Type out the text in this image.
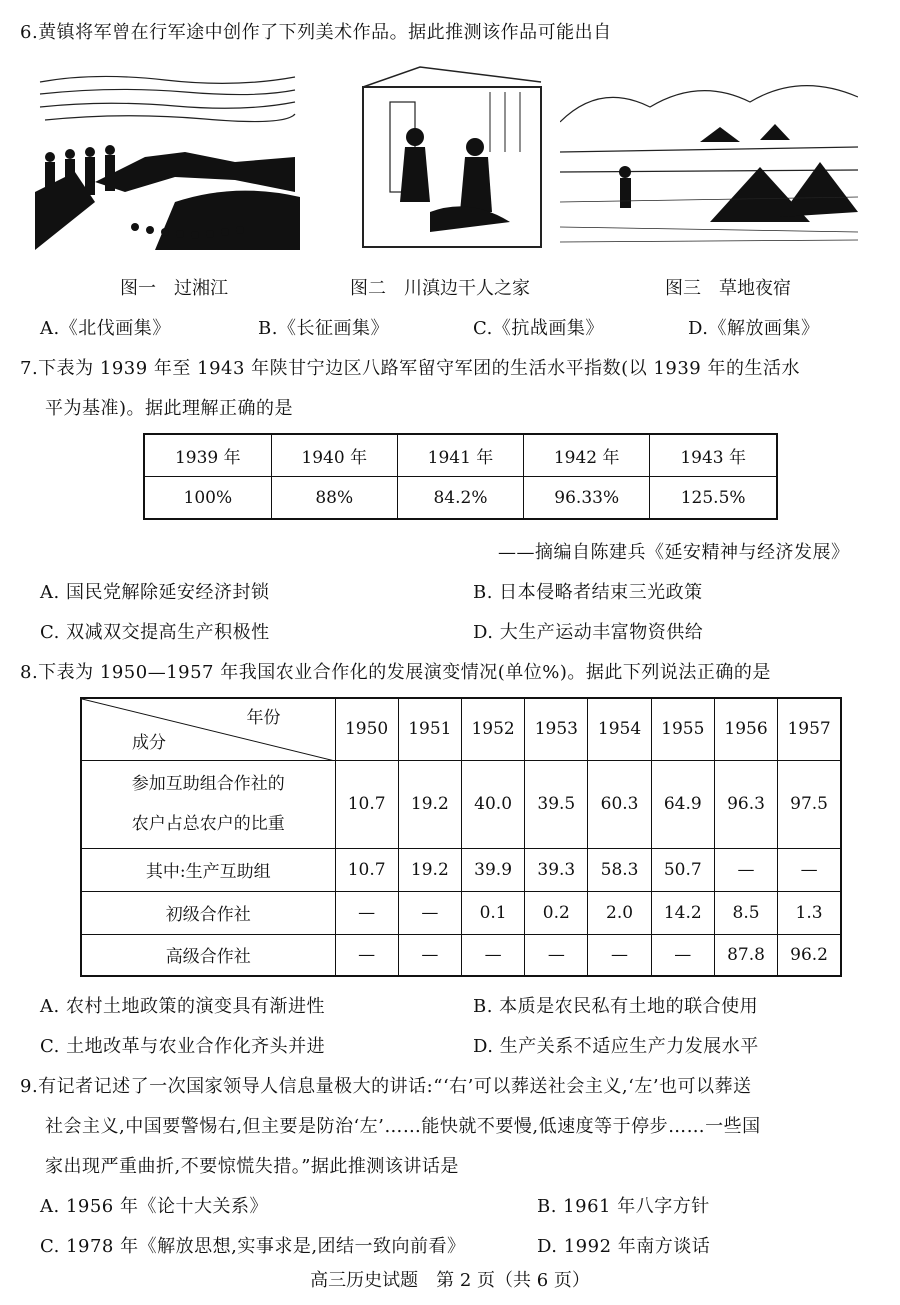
6.黄镇将军曾在行军途中创作了下列美术作品。据此推测该作品可能出自
图一　过湘江	图二　川滇边干人之家	图三　草地夜宿
A.《北伐画集》	B.《长征画集》	C.《抗战画集》	D.《解放画集》
7.下表为 1939 年至 1943 年陕甘宁边区八路军留守军团的生活水平指数(以 1939 年的生活水
平为基准)。据此理解正确的是
1939 年	1940 年	1941 年	1942 年	1943 年
100%	88%	84.2%	96.33%	125.5%
——摘编自陈建兵《延安精神与经济发展》
A. 国民党解除延安经济封锁	B. 日本侵略者结束三光政策
C. 双减双交提高生产积极性	D. 大生产运动丰富物资供给
8.下表为 1950—1957 年我国农业合作化的发展演变情况(单位%)。据此下列说法正确的是
年份
成分	1950	1951	1952	1953	1954	1955	1956	1957

参加互助组合作社的
农户占总农户的比重	10.7	19.2	40.0	39.5	60.3	64.9	96.3	97.5
其中:生产互助组	10.7	19.2	39.9	39.3	58.3	50.7	—	—
初级合作社	—	—	0.1	0.2	2.0	14.2	8.5	1.3
高级合作社	—	—	—	—	—	—	87.8	96.2
A. 农村土地政策的演变具有渐进性	B. 本质是农民私有土地的联合使用
C. 土地改革与农业合作化齐头并进	D. 生产关系不适应生产力发展水平
9.有记者记述了一次国家领导人信息量极大的讲话:“‘右’可以葬送社会主义,‘左’也可以葬送
社会主义,中国要警惕右,但主要是防治‘左’……能快就不要慢,低速度等于停步……一些国
家出现严重曲折,不要惊慌失措。”据此推测该讲话是
A. 1956 年《论十大关系》	B. 1961 年八字方针
C. 1978 年《解放思想,实事求是,团结一致向前看》	D. 1992 年南方谈话
高三历史试题　第 2 页（共 6 页）
